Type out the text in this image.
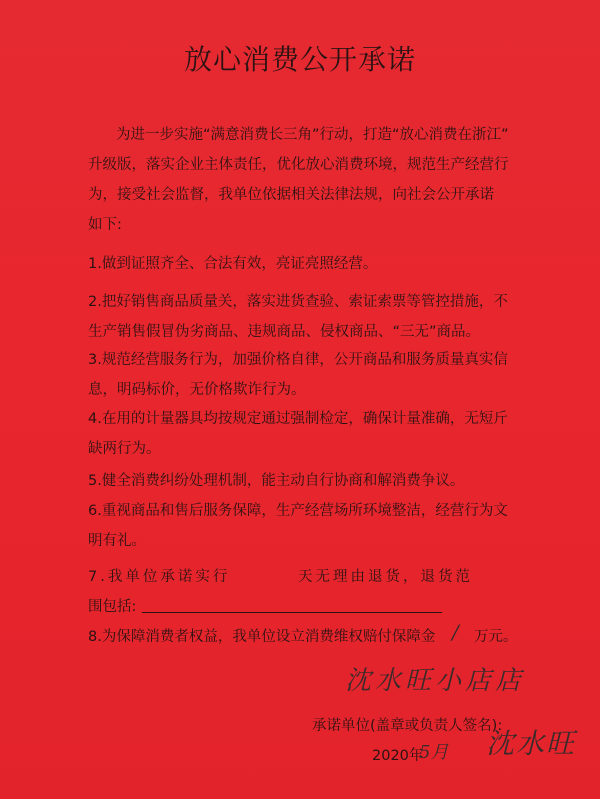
放心消费公开承诺
为进一步实施“满意消费长三角”行动，打造“放心消费在浙江”
升级版，落实企业主体责任，优化放心消费环境，规范生产经营行
为，接受社会监督，我单位依据相关法律法规，向社会公开承诺
如下:
1.做到证照齐全、合法有效，亮证亮照经营。
2.把好销售商品质量关，落实进货查验、索证索票等管控措施，不
生产销售假冒伪劣商品、违规商品、侵权商品、“三无”商品。
3.规范经营服务行为，加强价格自律，公开商品和服务质量真实信
息，明码标价，无价格欺诈行为。
4.在用的计量器具均按规定通过强制检定，确保计量准确，无短斤
缺两行为。
5.健全消费纠纷处理机制，能主动自行协商和解消费争议。
6.重视商品和售后服务保障，生产经营场所环境整洁，经营行为文
明有礼。
7.我单位承诺实行	天无理由退货，退货范
围包括:
8.为保障消费者权益，我单位设立消费维权赔付保障金 / 万元。
沈水旺小店店
承诺单位(盖章或负责人签名):
沈水旺
2020年
5月
